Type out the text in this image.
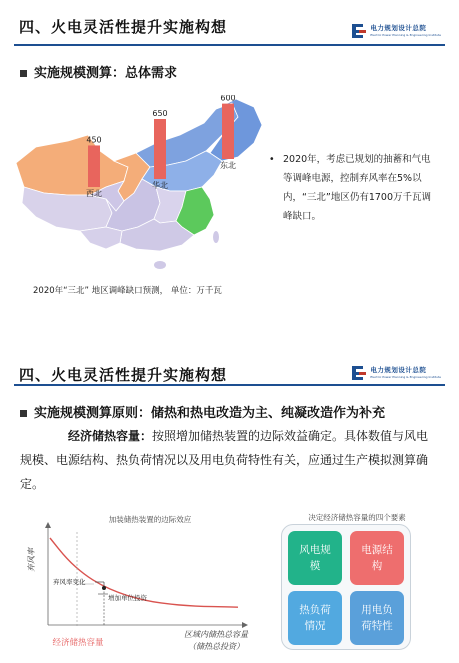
四、火电灵活性提升实施构想	电力规划设计总院
Electric Power Planning & Engineering Institute
实施规模测算：总体需求
450
西北
650
华北
600
东北
2020年“三北” 地区调峰缺口预测， 单位：万千瓦
• 2020年，考虑已规划的抽蓄和气电等调峰电源，控制弃风率在5%以内，“三北”地区仍有1700万千瓦调峰缺口。

四、火电灵活性提升实施构想	电力规划设计总院
Electric Power Planning & Engineering Institute
实施规模测算原则：储热和热电改造为主、纯凝改造作为补充
经济储热容量：按照增加储热装置的边际效益确定。具体数值与风电规模、电源结构、热负荷情况以及用电负荷特性有关，应通过生产模拟测算确定。
加装储热装置的边际效应
弃风率
弃风率变化
增加单位投资
经济储热容量
区域内储热总容量
（储热总投资）
决定经济储热容量的四个要素
风电规模
电源结构
热负荷情况
用电负荷特性
